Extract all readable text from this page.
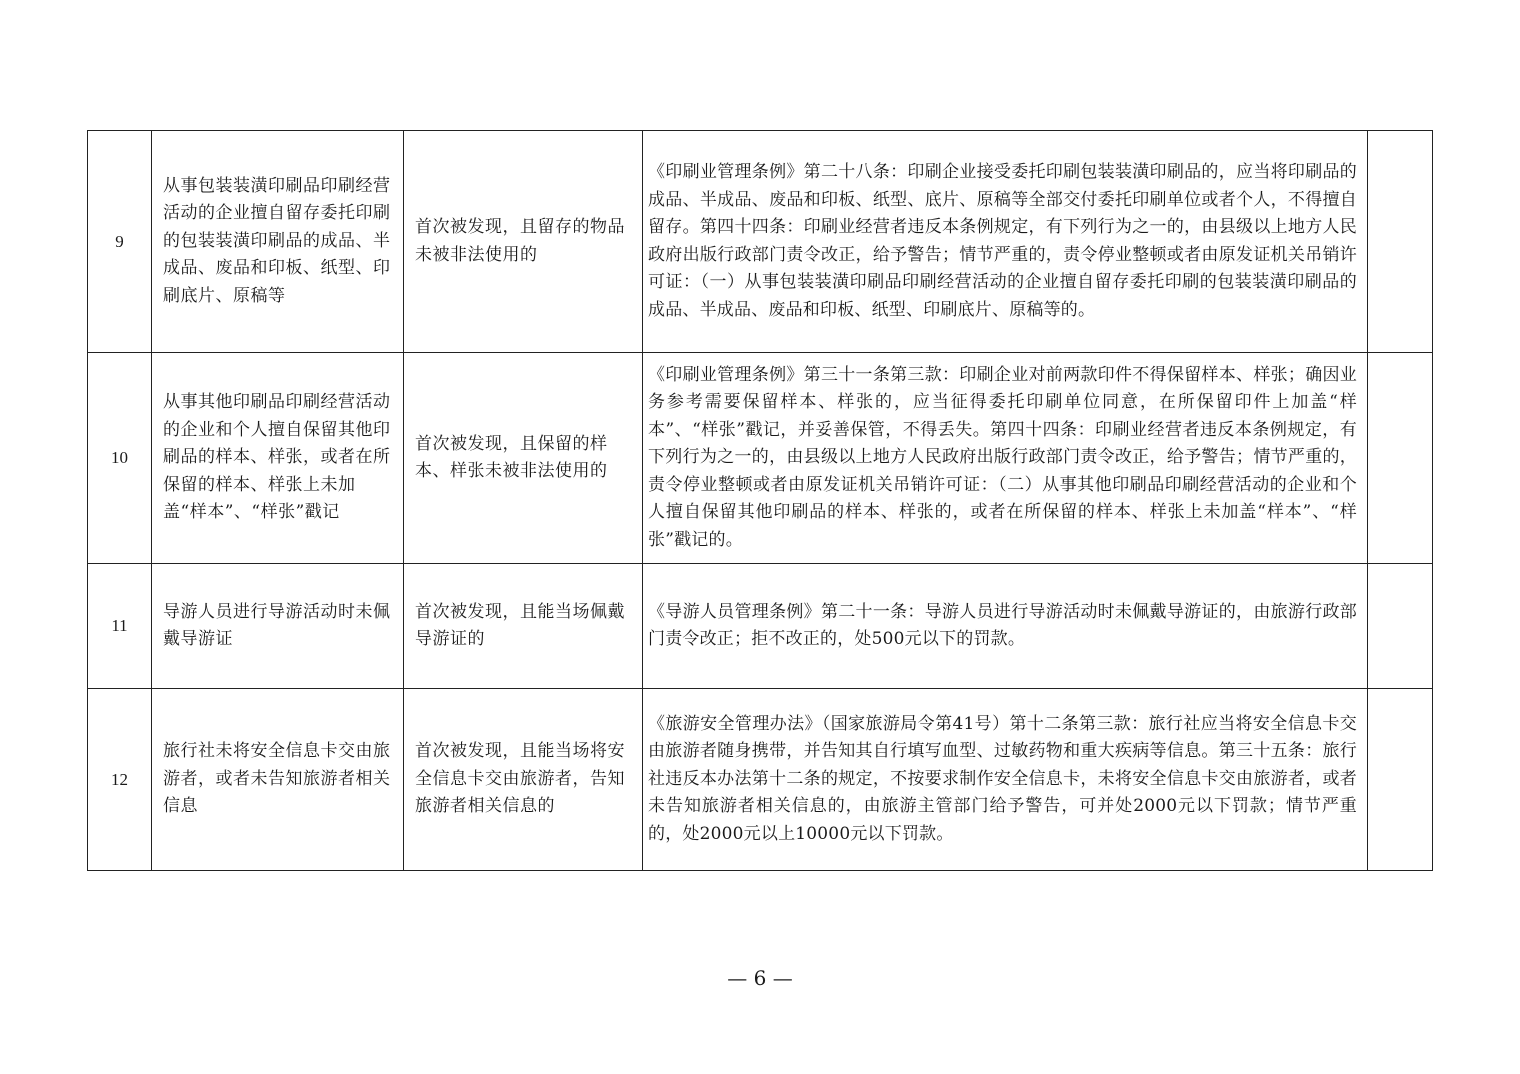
9	从事包装装潢印刷品印刷经营活动的企业擅自留存委托印刷的包装装潢印刷品的成品、半成品、废品和印板、纸型、印刷底片、原稿等	首次被发现，且留存的物品未被非法使用的	《印刷业管理条例》第二十八条：印刷企业接受委托印刷包装装潢印刷品的，应当将印刷品的成品、半成品、废品和印板、纸型、底片、原稿等全部交付委托印刷单位或者个人，不得擅自留存。第四十四条：印刷业经营者违反本条例规定，有下列行为之一的，由县级以上地方人民政府出版行政部门责令改正，给予警告；情节严重的，责令停业整顿或者由原发证机关吊销许可证：（一）从事包装装潢印刷品印刷经营活动的企业擅自留存委托印刷的包装装潢印刷品的成品、半成品、废品和印板、纸型、印刷底片、原稿等的。	
10	从事其他印刷品印刷经营活动的企业和个人擅自保留其他印刷品的样本、样张，或者在所保留的样本、样张上未加盖“样本”、“样张”戳记	首次被发现，且保留的样本、样张未被非法使用的	《印刷业管理条例》第三十一条第三款：印刷企业对前两款印件不得保留样本、样张；确因业务参考需要保留样本、样张的，应当征得委托印刷单位同意，在所保留印件上加盖“样本”、“样张”戳记，并妥善保管，不得丢失。第四十四条：印刷业经营者违反本条例规定，有下列行为之一的，由县级以上地方人民政府出版行政部门责令改正，给予警告；情节严重的，责令停业整顿或者由原发证机关吊销许可证：（二）从事其他印刷品印刷经营活动的企业和个人擅自保留其他印刷品的样本、样张的，或者在所保留的样本、样张上未加盖“样本”、“样张”戳记的。	
11	导游人员进行导游活动时未佩戴导游证	首次被发现，且能当场佩戴导游证的	《导游人员管理条例》第二十一条：导游人员进行导游活动时未佩戴导游证的，由旅游行政部门责令改正；拒不改正的，处500元以下的罚款。	
12	旅行社未将安全信息卡交由旅游者，或者未告知旅游者相关信息	首次被发现，且能当场将安全信息卡交由旅游者，告知旅游者相关信息的	《旅游安全管理办法》（国家旅游局令第41号）第十二条第三款：旅行社应当将安全信息卡交由旅游者随身携带，并告知其自行填写血型、过敏药物和重大疾病等信息。第三十五条：旅行社违反本办法第十二条的规定，不按要求制作安全信息卡，未将安全信息卡交由旅游者，或者未告知旅游者相关信息的，由旅游主管部门给予警告，可并处2000元以下罚款；情节严重的，处2000元以上10000元以下罚款。	
— 6 —
